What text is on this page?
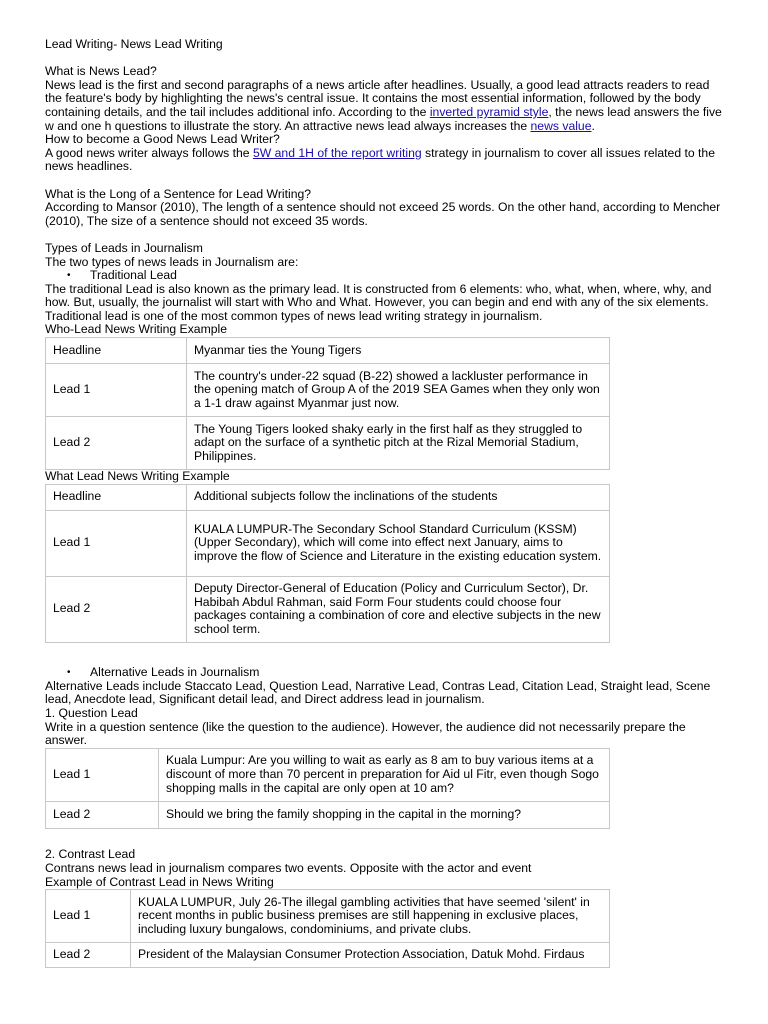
Lead Writing- News Lead Writing

What is News Lead?

News lead is the first and second paragraphs of a news article after headlines. Usually, a good lead attracts readers to read the feature's body by highlighting the news's central issue. It contains the most essential information, followed by the body containing details, and the tail includes additional info. According to the inverted pyramid style, the news lead answers the five w and one h questions to illustrate the story. An attractive news lead always increases the news value.

How to become a Good News Lead Writer?

A good news writer always follows the 5W and 1H of the report writing strategy in journalism to cover all issues related to the news headlines.

What is the Long of a Sentence for Lead Writing?

According to Mansor (2010), The length of a sentence should not exceed 25 words. On the other hand, according to Mencher (2010), The size of a sentence should not exceed 35 words.

Types of Leads in Journalism

The two types of news leads in Journalism are:

• Traditional Lead

The traditional Lead is also known as the primary lead. It is constructed from 6 elements: who, what, when, where, why, and how. But, usually, the journalist will start with Who and What. However, you can begin and end with any of the six elements. Traditional lead is one of the most common types of news lead writing strategy in journalism.

Who-Lead News Writing Example

Headline	Myanmar ties the Young Tigers
Lead 1	The country's under-22 squad (B-22) showed a lackluster performance in the opening match of Group A of the 2019 SEA Games when they only won a 1-1 draw against Myanmar just now.
Lead 2	The Young Tigers looked shaky early in the first half as they struggled to adapt on the surface of a synthetic pitch at the Rizal Memorial Stadium, Philippines.

What Lead News Writing Example

Headline	Additional subjects follow the inclinations of the students
Lead 1	KUALA LUMPUR-The Secondary School Standard Curriculum (KSSM) (Upper Secondary), which will come into effect next January, aims to improve the flow of Science and Literature in the existing education system.
Lead 2	Deputy Director-General of Education (Policy and Curriculum Sector), Dr. Habibah Abdul Rahman, said Form Four students could choose four packages containing a combination of core and elective subjects in the new school term.
• Alternative Leads in Journalism

Alternative Leads include Staccato Lead, Question Lead, Narrative Lead, Contras Lead, Citation Lead, Straight lead, Scene lead, Anecdote lead, Significant detail lead, and Direct address lead in journalism.

1. Question Lead

Write in a question sentence (like the question to the audience). However, the audience did not necessarily prepare the answer.

Lead 1	Kuala Lumpur: Are you willing to wait as early as 8 am to buy various items at a discount of more than 70 percent in preparation for Aid ul Fitr, even though Sogo shopping malls in the capital are only open at 10 am?
Lead 2	Should we bring the family shopping in the capital in the morning?

2. Contrast Lead

Contrans news lead in journalism compares two events. Opposite with the actor and event

Example of Contrast Lead in News Writing

Lead 1	KUALA LUMPUR, July 26-The illegal gambling activities that have seemed 'silent' in recent months in public business premises are still happening in exclusive places, including luxury bungalows, condominiums, and private clubs.
Lead 2	President of the Malaysian Consumer Protection Association, Datuk Mohd. Firdaus
